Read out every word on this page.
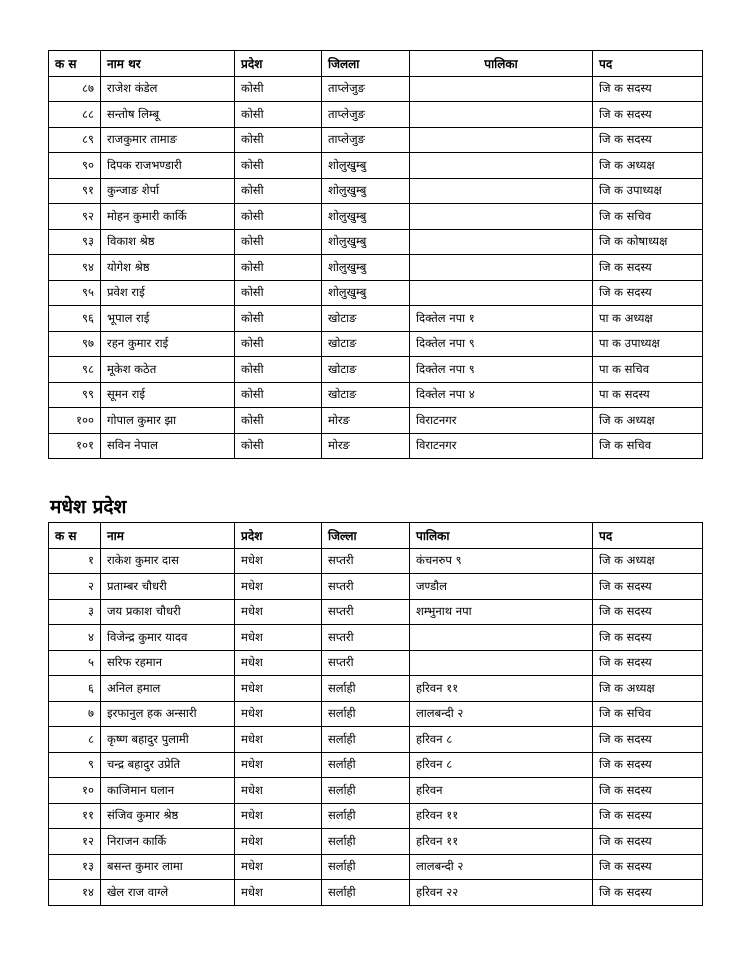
क स	नाम थर	प्रदेश	जिलला	पालिका	पद
८७	राजेश कंडेल	कोसी	ताप्लेजुङ		जि क सदस्य
८८	सन्तोष लिम्बू	कोसी	ताप्लेजुङ		जि क सदस्य
८९	राजकुमार तामाङ	कोसी	ताप्लेजुङ		जि क सदस्य
९०	दिपक राजभण्डारी	कोसी	शोलुखुम्बु		जि क अध्यक्ष
९१	कुन्जाङ शेर्पा	कोसी	शोलुखुम्बु		जि क उपाध्यक्ष
९२	मोहन कुमारी कार्कि	कोसी	शोलुखुम्बु		जि क सचिव
९३	विकाश श्रेष्ठ	कोसी	शोलुखुम्बु		जि क कोषाध्यक्ष
९४	योगेश श्रेष्ठ	कोसी	शोलुखुम्बु		जि क सदस्य
९५	प्रवेश राई	कोसी	शोलुखुम्बु		जि क सदस्य
९६	भूपाल राई	कोसी	खोटाङ	दिक्तेल नपा १	पा क अध्यक्ष
९७	रहन कुमार राई	कोसी	खोटाङ	दिक्तेल नपा ९	पा क उपाध्यक्ष
९८	मूकेश कठेत	कोसी	खोटाङ	दिक्तेल नपा ९	पा क सचिव
९९	सूमन राई	कोसी	खोटाङ	दिक्तेल नपा ४	पा क सदस्य
१००	गोपाल कुमार झा	कोसी	मोरङ	विराटनगर	जि क अध्यक्ष
१०१	सविन नेपाल	कोसी	मोरङ	विराटनगर	जि क सचिव
मधेश प्रदेश
क स	नाम	प्रदेश	जिल्ला	पालिका	पद
१	राकेश कुमार दास	मधेश	सप्तरी	कंचनरुप ९	जि क अध्यक्ष
२	प्रताम्बर चौधरी	मधेश	सप्तरी	जण्डौल	जि क सदस्य
३	जय प्रकाश चौधरी	मधेश	सप्तरी	शम्भुनाथ नपा	जि क सदस्य
४	विजेन्द्र कुमार यादव	मधेश	सप्तरी		जि क सदस्य
५	सरिफ रहमान	मधेश	सप्तरी		जि क सदस्य
६	अनिल हमाल	मधेश	सर्लाही	हरिवन ११	जि क अध्यक्ष
७	इरफानुल हक अन्सारी	मधेश	सर्लाही	लालबन्दी २	जि क सचिव
८	कृष्ण बहादुर पुलामी	मधेश	सर्लाही	हरिवन ८	जि क सदस्य
९	चन्द्र बहादुर उप्रेति	मधेश	सर्लाही	हरिवन ८	जि क सदस्य
१०	काजिमान घलान	मधेश	सर्लाही	हरिवन	जि क सदस्य
११	संजिव कुमार श्रेष्ठ	मधेश	सर्लाही	हरिवन ११	जि क सदस्य
१२	निराजन कार्कि	मधेश	सर्लाही	हरिवन ११	जि क सदस्य
१३	बसन्त कुमार लामा	मधेश	सर्लाही	लालबन्दी २	जि क सदस्य
१४	खेल राज वाग्ले	मधेश	सर्लाही	हरिवन २२	जि क सदस्य
